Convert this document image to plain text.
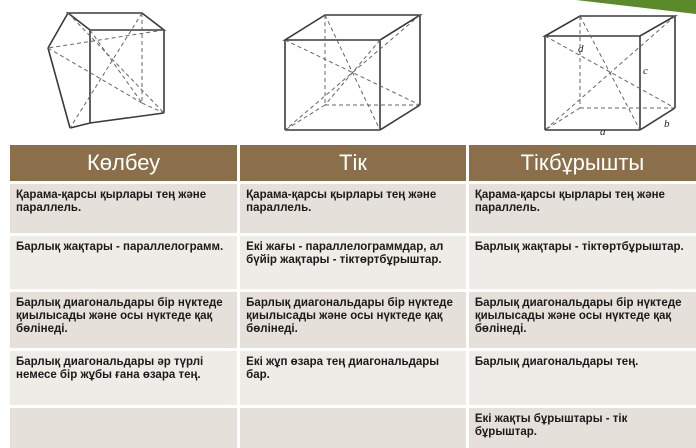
d
c
a
b
Көлбеу	Тік	Тікбұрышты
Қарама-қарсы қырлары тең және параллель.	Қарама-қарсы қырлары тең және параллель.	Қарама-қарсы қырлары тең және параллель.
Барлық жақтары - параллелограмм.	Екі жағы - параллелограммдар, ал бүйір жақтары - тіктөртбұрыштар.	Барлық жақтары - тіктөртбұрыштар.
Барлық диагональдары бір нүктеде қиылысады және осы нүктеде қақ бөлінеді.	Барлық диагональдары бір нүктеде қиылысады және осы нүктеде қақ бөлінеді.	Барлық диагональдары бір нүктеде қиылысады және осы нүктеде қақ бөлінеді.
Барлық диагональдары әр түрлі немесе бір жұбы ғана өзара тең.	Екі жұп өзара тең диагональдары бар.	Барлық диагональдары тең.
		Екі жақты бұрыштары - тік бұрыштар.
